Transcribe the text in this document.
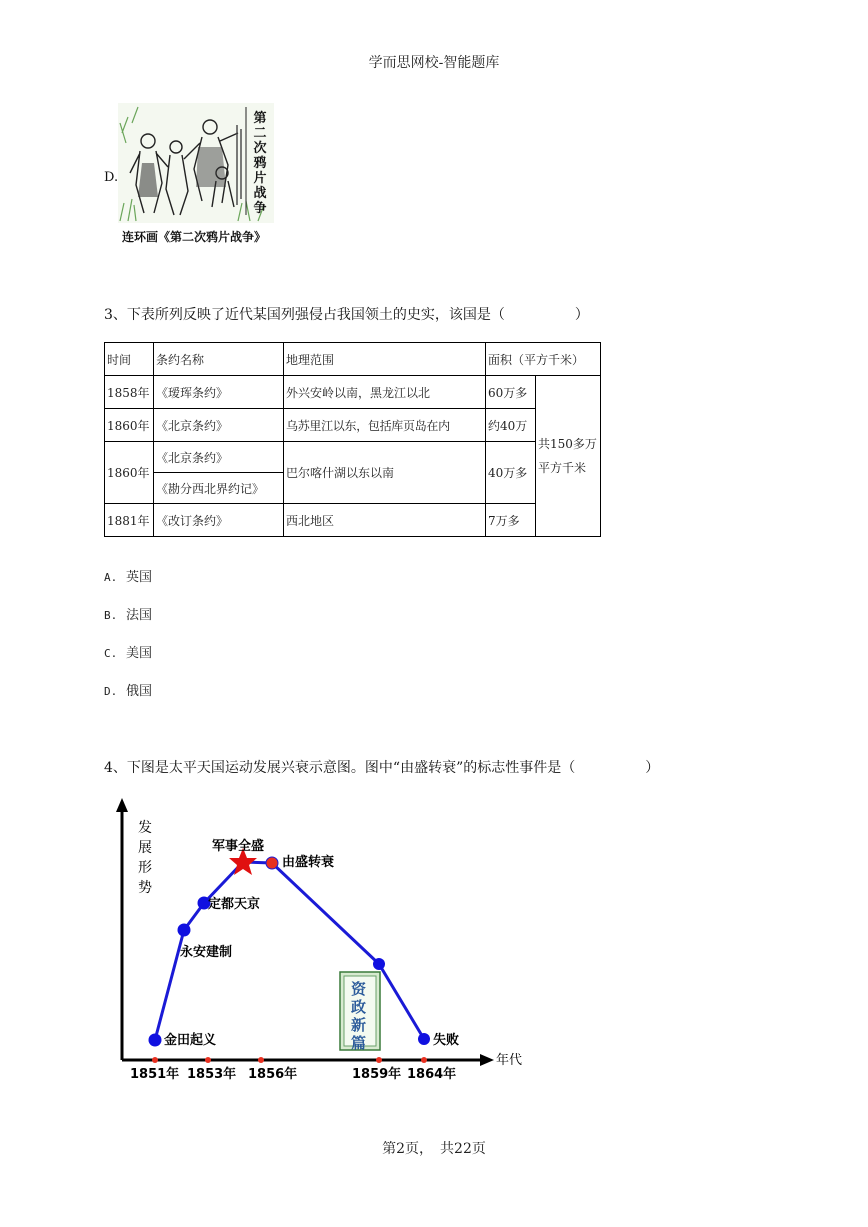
学而思网校-智能题库
D.
第二次鸦片战争
连环画《第二次鸦片战争》
3、下表所列反映了近代某国列强侵占我国领土的史实，该国是（　　　　　）
时间	条约名称	地理范围	面积（平方千米）	
1858年	《瑷珲条约》	外兴安岭以南，黑龙江以北	60万多	共150多万
平方千米

1860年	《北京条约》	乌苏里江以东，包括库页岛在内	约40万	
1860年	《北京条约》	巴尔喀什湖以东以南	40万多	
	《勘分西北界约记》			
1881年	《改订条约》	西北地区	7万多	
A. 英国
B. 法国
C. 美国
D. 俄国
4、下图是太平天国运动发展兴衰示意图。图中“由盛转衰”的标志性事件是（　　　　　）
发
展
形
势
年代
资
政
新
篇
金田起义
永安建制
定都天京
军事全盛
由盛转衰
失败
1851年 1853年 1856年	1859年 1864年
第2页，　共22页
